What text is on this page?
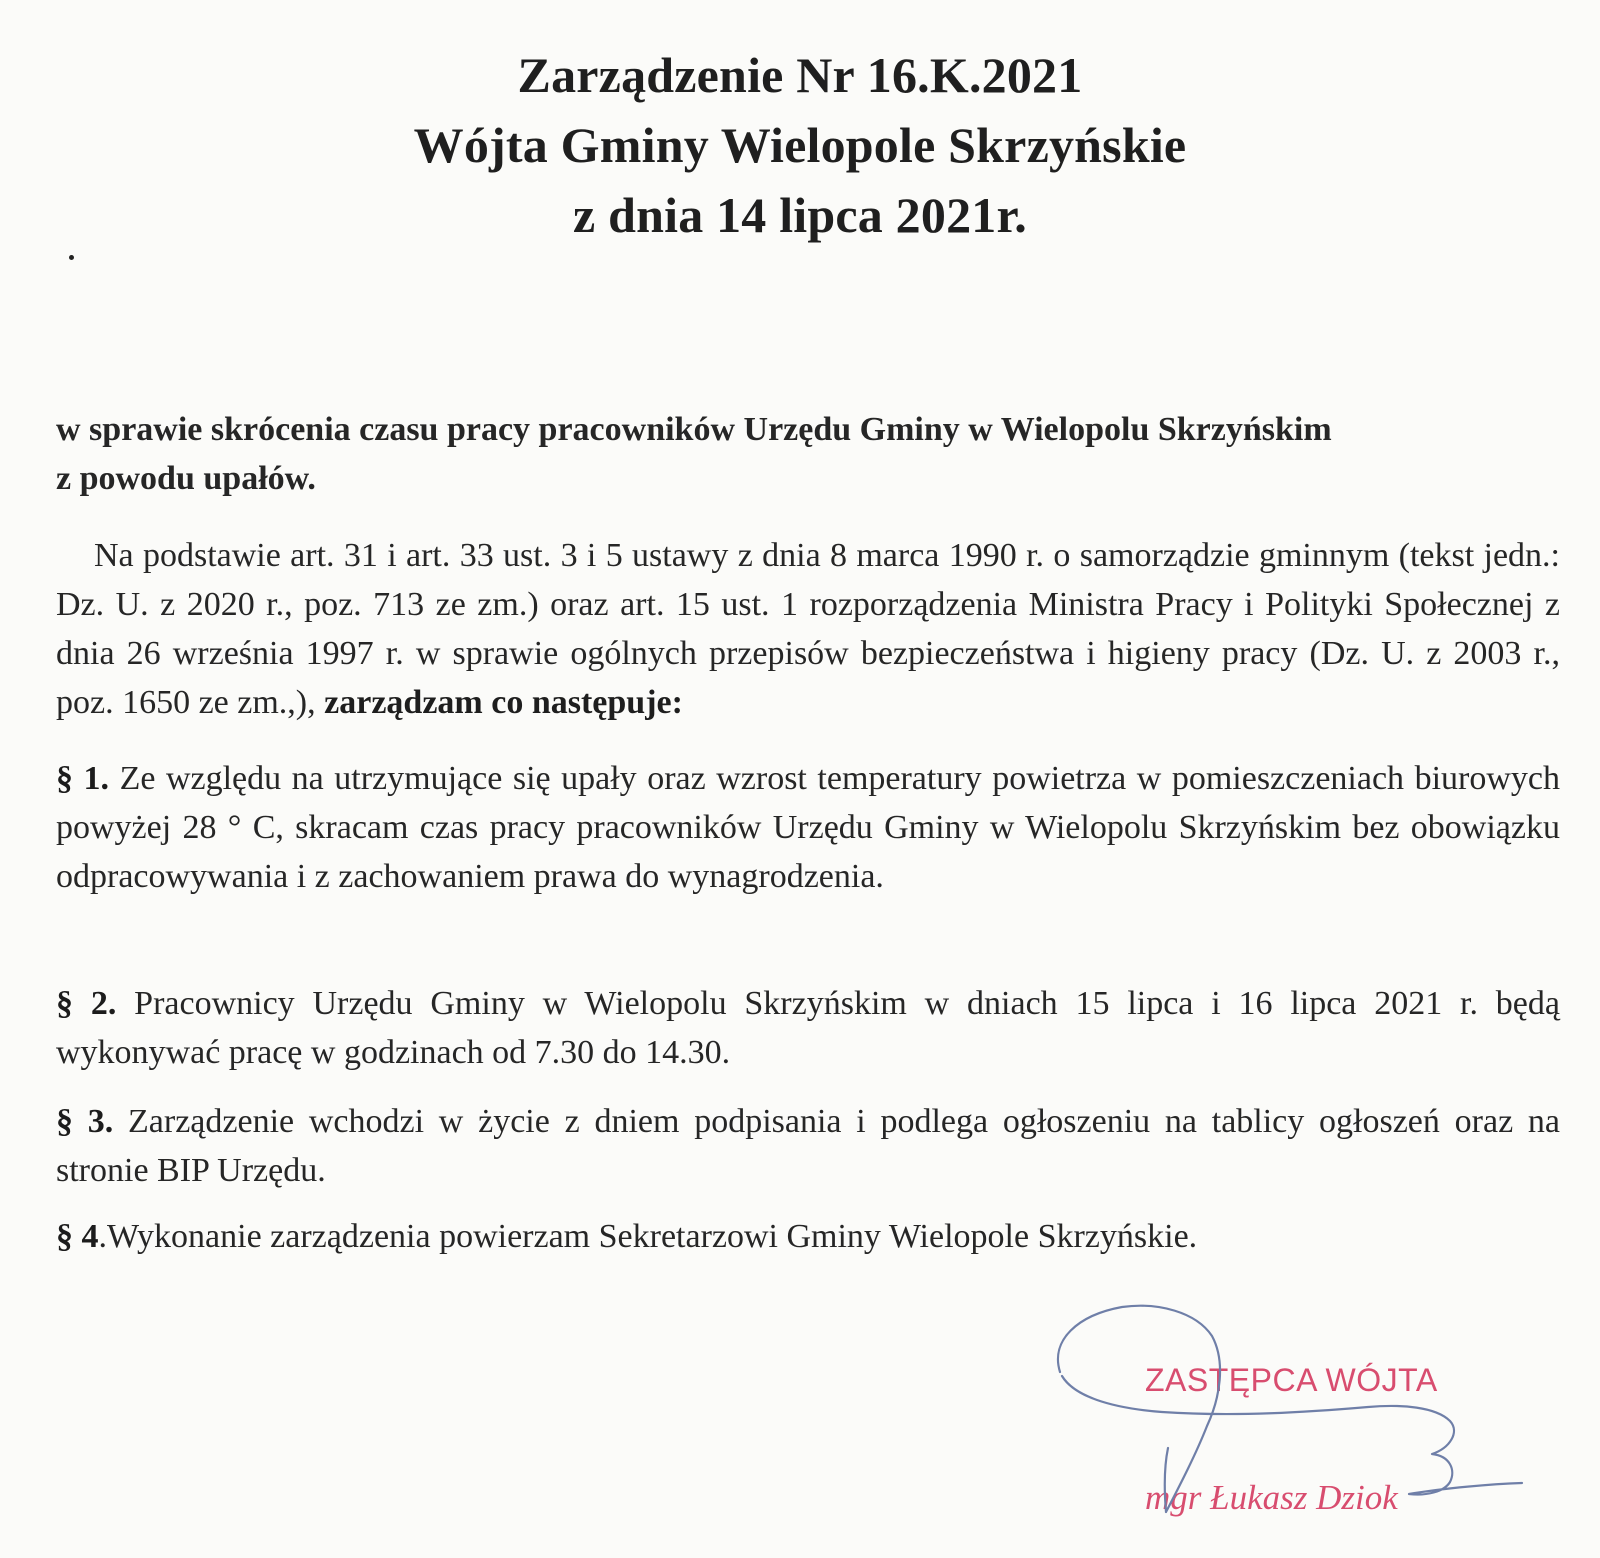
Zarządzenie Nr 16.K.2021
Wójta Gminy Wielopole Skrzyńskie
z dnia 14 lipca 2021r.
w sprawie skrócenia czasu pracy pracowników Urzędu Gminy w Wielopolu Skrzyńskim
z powodu upałów.
Na podstawie art. 31 i art. 33 ust. 3 i 5 ustawy z dnia 8 marca 1990 r. o samorządzie gminnym (tekst jedn.: Dz. U. z 2020 r., poz. 713 ze zm.) oraz art. 15 ust. 1 rozporządzenia Ministra Pracy i Polityki Społecznej z dnia 26 września 1997 r. w sprawie ogólnych przepisów bezpieczeństwa i higieny pracy (Dz. U. z 2003 r., poz. 1650 ze zm.,), zarządzam co następuje:
§ 1. Ze względu na utrzymujące się upały oraz wzrost temperatury powietrza w pomieszczeniach biurowych powyżej 28 ° C, skracam czas pracy pracowników Urzędu Gminy w Wielopolu Skrzyńskim bez obowiązku odpracowywania i z zachowaniem prawa do wynagrodzenia.
§ 2. Pracownicy Urzędu Gminy w Wielopolu Skrzyńskim w dniach 15 lipca i 16 lipca 2021 r. będą wykonywać pracę w godzinach od 7.30 do 14.30.
§ 3. Zarządzenie wchodzi w życie z dniem podpisania i podlega ogłoszeniu na tablicy ogłoszeń oraz na stronie BIP Urzędu.
§ 4.Wykonanie zarządzenia powierzam Sekretarzowi Gminy Wielopole Skrzyńskie.
ZASTĘPCA WÓJTA
mgr Łukasz Dziok
